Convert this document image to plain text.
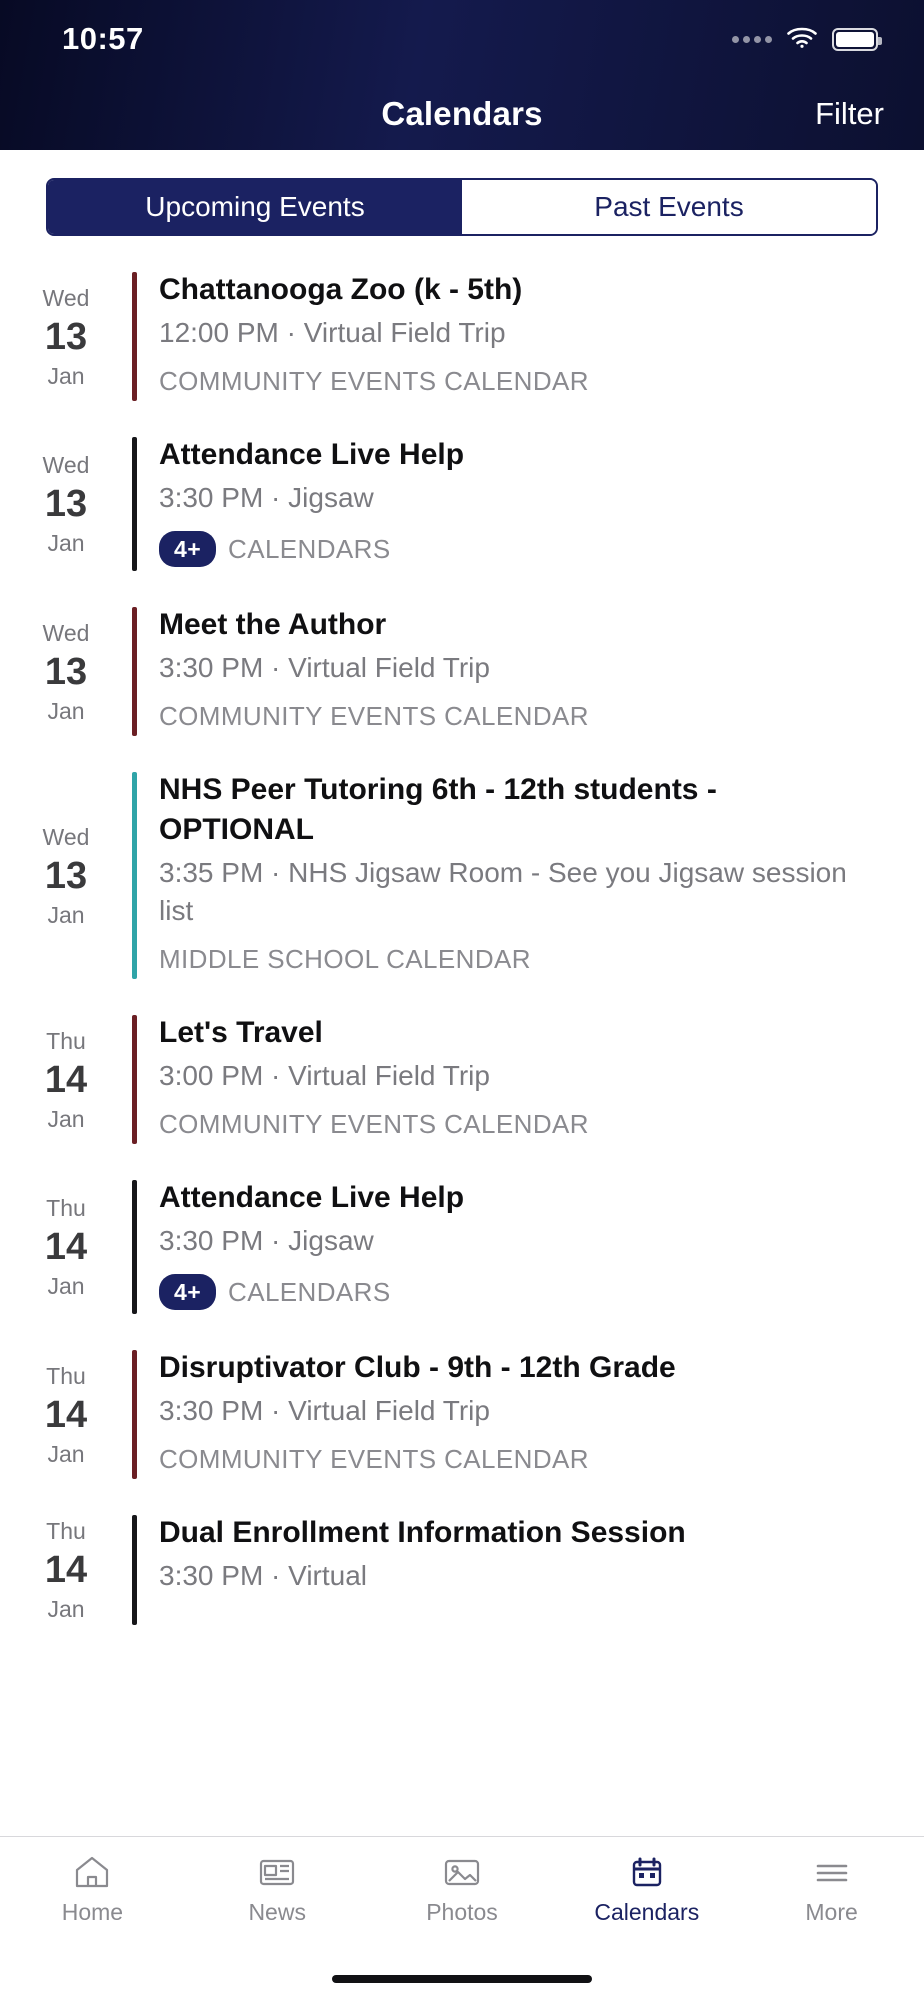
10:57
Calendars	Filter
Upcoming Events	Past Events
Wed
13
Jan
Chattanooga Zoo (k - 5th)
12:00 PM · Virtual Field Trip
COMMUNITY EVENTS CALENDAR
Wed
13
Jan
Attendance Live Help
3:30 PM · Jigsaw
4+	CALENDARS
Wed
13
Jan
Meet the Author
3:30 PM · Virtual Field Trip
COMMUNITY EVENTS CALENDAR
Wed
13
Jan
NHS Peer Tutoring 6th - 12th students - OPTIONAL
3:35 PM · NHS Jigsaw Room - See you Jigsaw session list
MIDDLE SCHOOL CALENDAR
Thu
14
Jan
Let's Travel
3:00 PM · Virtual Field Trip
COMMUNITY EVENTS CALENDAR
Thu
14
Jan
Attendance Live Help
3:30 PM · Jigsaw
4+	CALENDARS
Thu
14
Jan
Disruptivator Club - 9th - 12th Grade
3:30 PM · Virtual Field Trip
COMMUNITY EVENTS CALENDAR
Thu
14
Jan
Dual Enrollment Information Session
3:30 PM · Virtual
Home	News	Photos	Calendars	More
